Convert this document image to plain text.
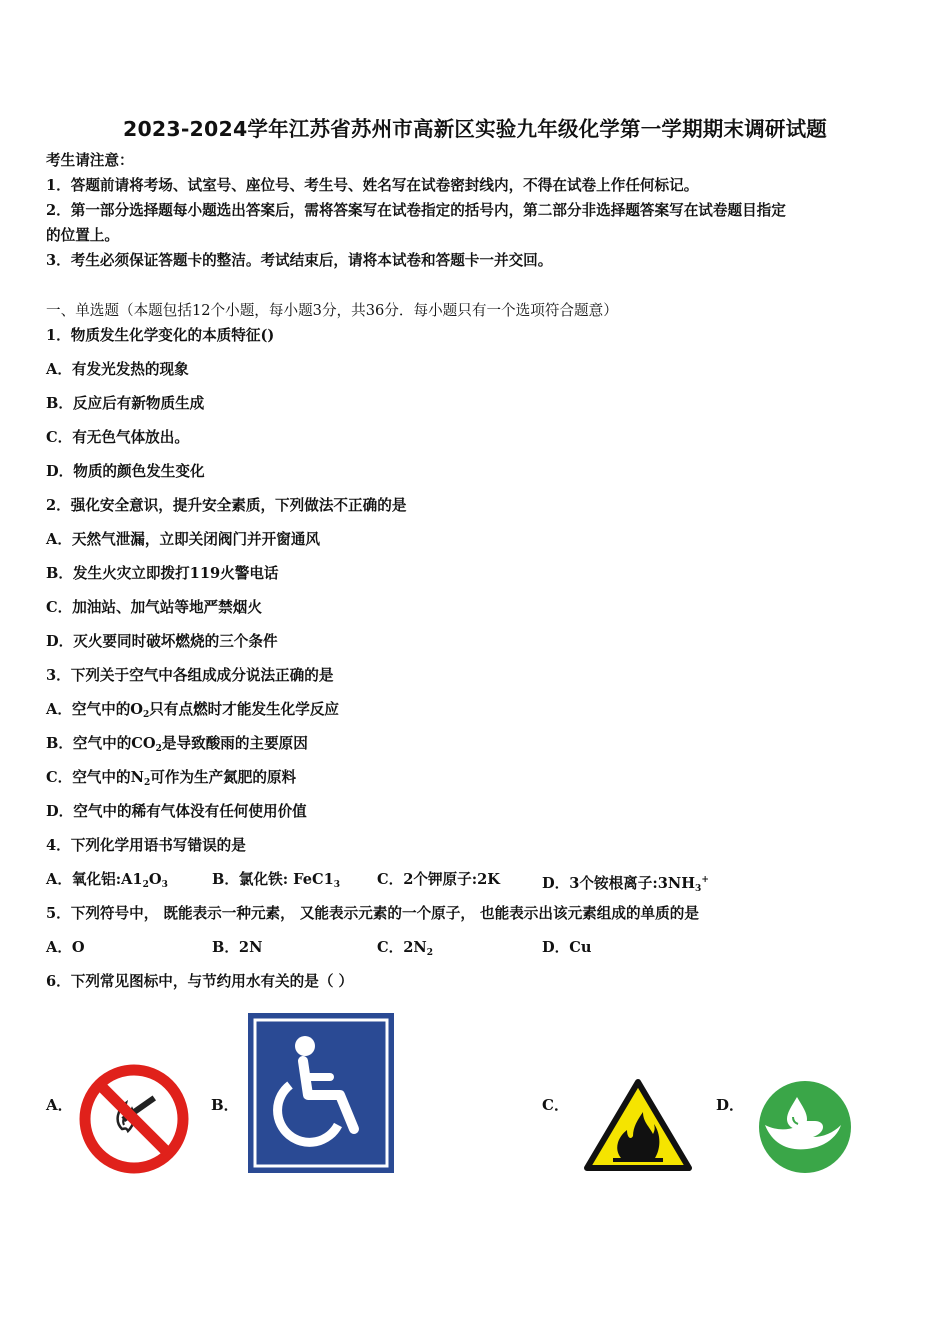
2023-2024学年江苏省苏州市高新区实验九年级化学第一学期期末调研试题
考生请注意：
1．答题前请将考场、试室号、座位号、考生号、姓名写在试卷密封线内，不得在试卷上作任何标记。
2．第一部分选择题每小题选出答案后，需将答案写在试卷指定的括号内，第二部分非选择题答案写在试卷题目指定
的位置上。
3．考生必须保证答题卡的整洁。考试结束后，请将本试卷和答题卡一并交回。
一、单选题（本题包括12个小题，每小题3分，共36分．每小题只有一个选项符合题意）
1．物质发生化学变化的本质特征()
A．有发光发热的现象
B．反应后有新物质生成
C．有无色气体放出。
D．物质的颜色发生变化
2．强化安全意识，提升安全素质，下列做法不正确的是
A．天然气泄漏，立即关闭阀门并开窗通风
B．发生火灾立即拨打119火警电话
C．加油站、加气站等地严禁烟火
D．灭火要同时破坏燃烧的三个条件
3．下列关于空气中各组成成分说法正确的是
A．空气中的$O_2$只有点燃时才能发生化学反应
B．空气中的$CO_2$是导致酸雨的主要原因
C．空气中的$N_2$可作为生产氮肥的原料
D．空气中的稀有气体没有任何使用价值
4．下列化学用语书写错误的是
A．氧化铝$:A1_2O_3$	B．氯化铁: $FeC1_3$	C．2个钾原子:2K	D．3个铵根离子$:3NH_3^+$
5．下列符号中， 既能表示一种元素， 又能表示元素的一个原子， 也能表示出该元素组成的单质的是
A．O	B．2N	C．$2N_2$	D．Cu
6．下列常见图标中，与节约用水有关的是（ ）
A．	B．	C．	D．
